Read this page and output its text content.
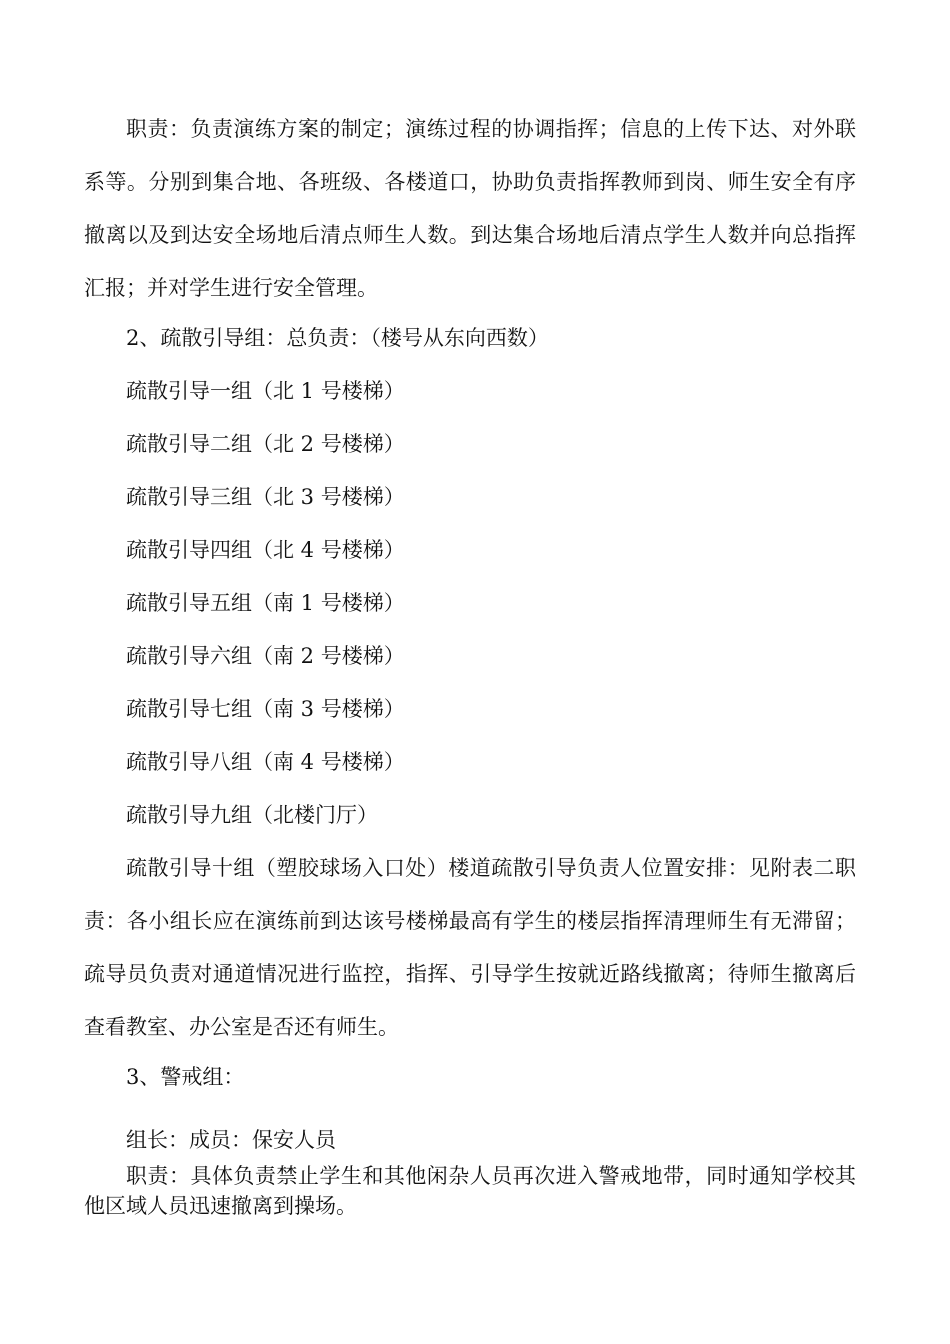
职责：负责演练方案的制定；演练过程的协调指挥；信息的上传下达、对外联系等。分别到集合地、各班级、各楼道口，协助负责指挥教师到岗、师生安全有序撤离以及到达安全场地后清点师生人数。到达集合场地后清点学生人数并向总指挥汇报；并对学生进行安全管理。

2、疏散引导组：总负责：（楼号从东向西数）

疏散引导一组（北 1 号楼梯）

疏散引导二组（北 2 号楼梯）

疏散引导三组（北 3 号楼梯）

疏散引导四组（北 4 号楼梯）

疏散引导五组（南 1 号楼梯）

疏散引导六组（南 2 号楼梯）

疏散引导七组（南 3 号楼梯）

疏散引导八组（南 4 号楼梯）

疏散引导九组（北楼门厅）

疏散引导十组（塑胶球场入口处）楼道疏散引导负责人位置安排：见附表二职责：各小组长应在演练前到达该号楼梯最高有学生的楼层指挥清理师生有无滞留；疏导员负责对通道情况进行监控，指挥、引导学生按就近路线撤离；待师生撤离后查看教室、办公室是否还有师生。

3、警戒组：

组长：成员：保安人员

职责：具体负责禁止学生和其他闲杂人员再次进入警戒地带，同时通知学校其他区域人员迅速撤离到操场。
